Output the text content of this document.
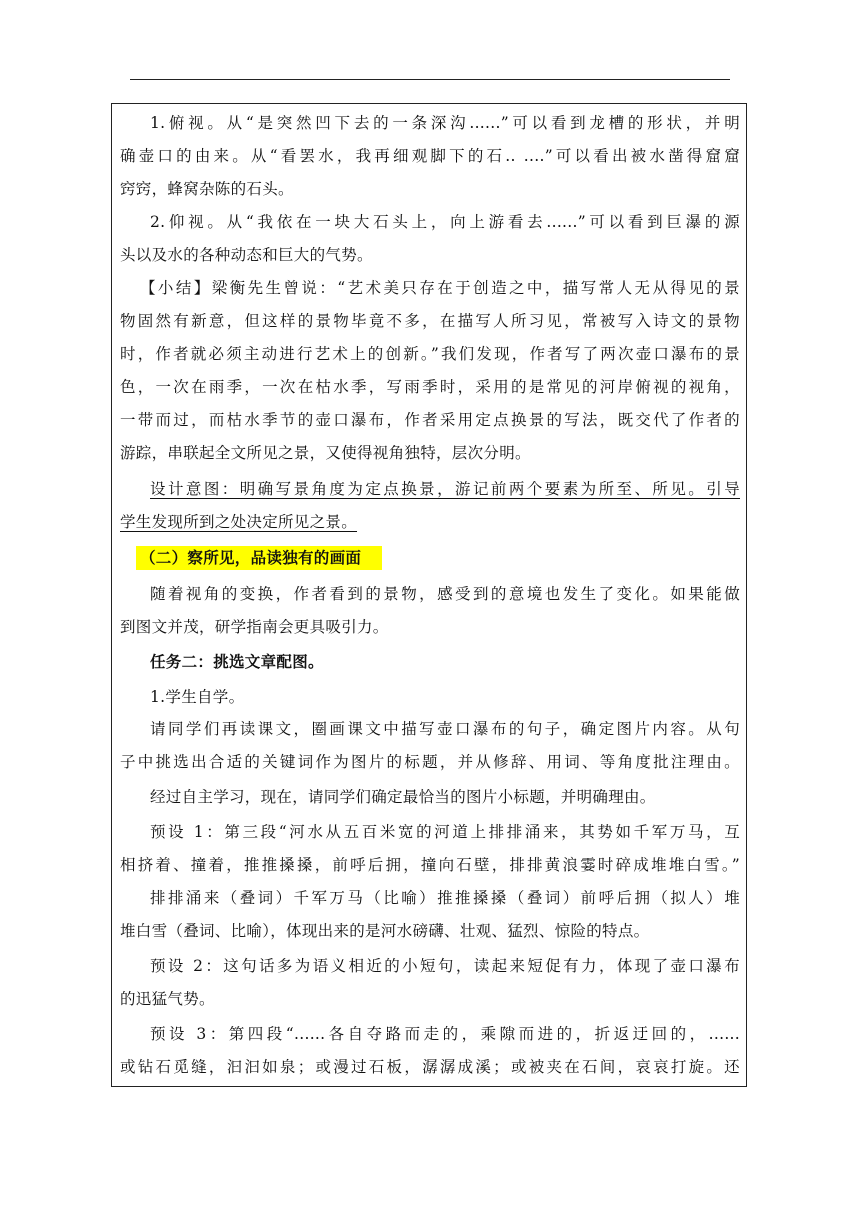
1.俯视。从“是突然凹下去的一条深沟......”可以看到龙槽的形状，并明
确壶口的由来。从“看罢水，我再细观脚下的石.. ....”可以看出被水凿得窟窟
窍窍，蜂窝杂陈的石头。
2.仰视。从“我依在一块大石头上，向上游看去......”可以看到巨瀑的源
头以及水的各种动态和巨大的气势。
【小结】梁衡先生曾说：“艺术美只存在于创造之中，描写常人无从得见的景
物固然有新意，但这样的景物毕竟不多，在描写人所习见，常被写入诗文的景物
时，作者就必须主动进行艺术上的创新。”我们发现，作者写了两次壶口瀑布的景
色，一次在雨季，一次在枯水季，写雨季时，采用的是常见的河岸俯视的视角，
一带而过，而枯水季节的壶口瀑布，作者采用定点换景的写法，既交代了作者的
游踪，串联起全文所见之景，又使得视角独特，层次分明。
设计意图：明确写景角度为定点换景，游记前两个要素为所至、所见。引导
学生发现所到之处决定所见之景。
（二）察所见，品读独有的画面
随着视角的变换，作者看到的景物，感受到的意境也发生了变化。如果能做
到图文并茂，研学指南会更具吸引力。
任务二：挑选文章配图。
1.学生自学。
请同学们再读课文，圈画课文中描写壶口瀑布的句子，确定图片内容。从句
子中挑选出合适的关键词作为图片的标题，并从修辞、用词、等角度批注理由。
经过自主学习，现在，请同学们确定最恰当的图片小标题，并明确理由。
预设 1：第三段“河水从五百米宽的河道上排排涌来，其势如千军万马，互
相挤着、撞着，推推搡搡，前呼后拥，撞向石壁，排排黄浪霎时碎成堆堆白雪。”
排排涌来（叠词）千军万马（比喻）推推搡搡（叠词）前呼后拥（拟人）堆
堆白雪（叠词、比喻），体现出来的是河水磅礴、壮观、猛烈、惊险的特点。
预设 2：这句话多为语义相近的小短句，读起来短促有力，体现了壶口瀑布
的迅猛气势。
预设 3：第四段“......各自夺路而走的，乘隙而进的，折返迂回的，......
或钻石觅缝，汩汩如泉；或漫过石板，潺潺成溪；或被夹在石间，哀哀打旋。还
